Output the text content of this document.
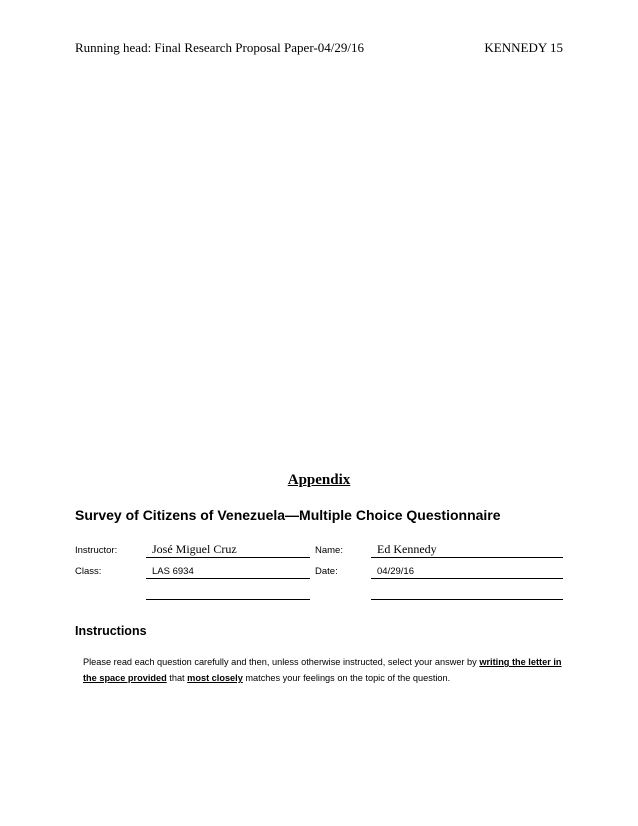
Running head: Final Research Proposal Paper-04/29/16	KENNEDY 15
Appendix
Survey of Citizens of Venezuela—Multiple Choice Questionnaire
Instructor:	José Miguel Cruz	Name:	Ed Kennedy
Class:	LAS 6934	Date:	04/29/16
Instructions
Please read each question carefully and then, unless otherwise instructed, select your answer by writing the letter in the space provided that most closely matches your feelings on the topic of the question.
